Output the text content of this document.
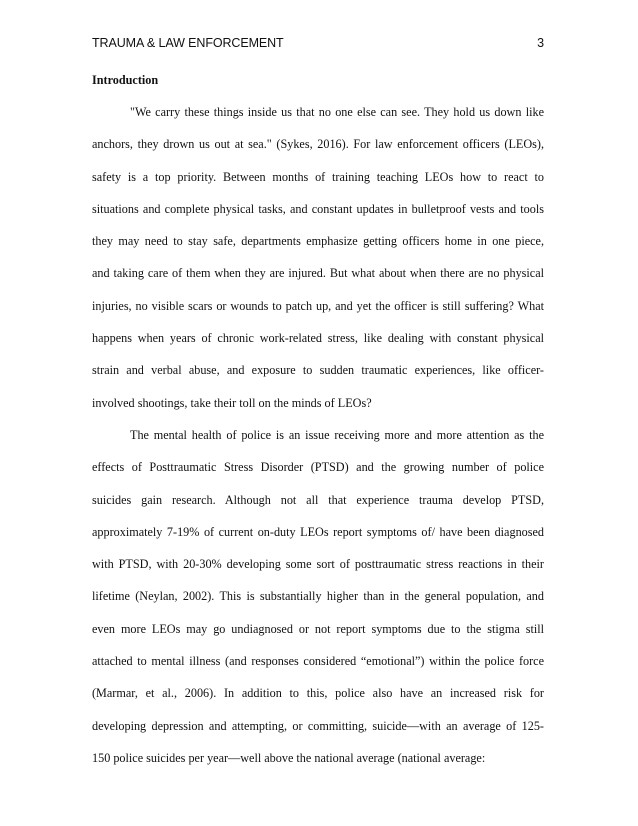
TRAUMA & LAW ENFORCEMENT	3
Introduction
"We carry these things inside us that no one else can see. They hold us down like
anchors, they drown us out at sea." (Sykes, 2016). For law enforcement officers (LEOs),
safety is a top priority. Between months of training teaching LEOs how to react to
situations and complete physical tasks, and constant updates in bulletproof vests and tools
they may need to stay safe, departments emphasize getting officers home in one piece,
and taking care of them when they are injured. But what about when there are no physical
injuries, no visible scars or wounds to patch up, and yet the officer is still suffering? What
happens when years of chronic work-related stress, like dealing with constant physical
strain and verbal abuse, and exposure to sudden traumatic experiences, like officer-
involved shootings, take their toll on the minds of LEOs?
The mental health of police is an issue receiving more and more attention as the
effects of Posttraumatic Stress Disorder (PTSD) and the growing number of police
suicides gain research. Although not all that experience trauma develop PTSD,
approximately 7-19% of current on-duty LEOs report symptoms of/ have been diagnosed
with PTSD, with 20-30% developing some sort of posttraumatic stress reactions in their
lifetime (Neylan, 2002). This is substantially higher than in the general population, and
even more LEOs may go undiagnosed or not report symptoms due to the stigma still
attached to mental illness (and responses considered “emotional”) within the police force
(Marmar, et al., 2006). In addition to this, police also have an increased risk for
developing depression and attempting, or committing, suicide—with an average of 125-
150 police suicides per year—well above the national average (national average:
